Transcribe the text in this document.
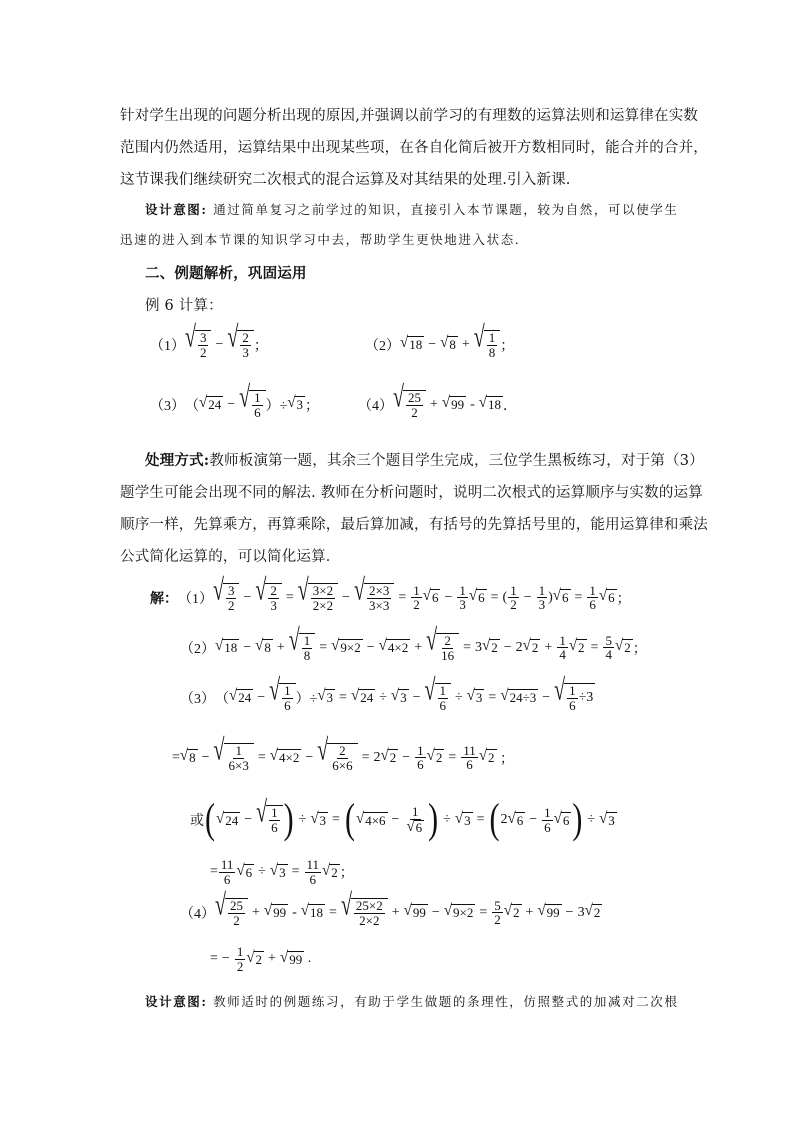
针对学生出现的问题分析出现的原因,并强调以前学习的有理数的运算法则和运算律在实数
范围内仍然适用，运算结果中出现某些项，在各自化简后被开方数相同时，能合并的合并，
这节课我们继续研究二次根式的混合运算及对其结果的处理.引入新课.
设计意图: 通过简单复习之前学过的知识，直接引入本节课题，较为自然，可以使学生
迅速的进入到本节课的知识学习中去，帮助学生更快地进入状态.
二、例题解析，巩固运用
例 6 计算：
（1） √ $\frac{3}{2}$ − √ $\frac{2}{3}$ ；	（2） √ 18 − √ 8 + √ $\frac{1}{8}$ ；
（3） （ √ 24 − √ $\frac{1}{6}$ ）÷ √ 3 ；	（4） √ $\frac{25}{2}$ + √ 99 - √ 18 ．
处理方式:教师板演第一题，其余三个题目学生完成，三位学生黑板练习，对于第（3）
题学生可能会出现不同的解法. 教师在分析问题时，说明二次根式的运算顺序与实数的运算
顺序一样，先算乘方，再算乘除，最后算加减，有括号的先算括号里的，能用运算律和乘法
公式简化运算的，可以简化运算．
解： （1） √ $\frac{3}{2}$ − √ $\frac{2}{3}$ = √ $\frac{3\times 2}{2\times 2}$ − √ $\frac{2\times 3}{3\times 3} = \frac{1}{2}$ √ $6 - \frac{1}{3}$ √ 6 = ( $\frac{1}{2} - \frac{1}{3}$ ) √ $6 = \frac{1}{6}$ √ 6 ；
（2） √ 18 − √ 8 + √ $\frac{1}{8}$ = √ 9×2 − √ 4×2 + √ $\frac{2}{16} = 3$ √ 2 − 2 √ $2 + \frac{1}{4}$ √ $2 = \frac{5}{4}$ √ 2 ；
（3） （ √ 24 − √ $\frac{1}{6}$ ）÷ √ 3 = √ 24 ÷ √ 3 − √ $\frac{1}{6}$ ÷ √ 3 = √ 24÷3 − √ $\frac{1}{6} \div 3$
= √ 8 − √ $\frac{1}{6\times 3}$ = √ 4×2 − √ $\frac{2}{6\times 6} = 2$ √ $2 - \frac{1}{6}$ √ $2 = \frac{11}{6}$ √ 2 ；
或 ( √ 24 − √ $\frac{1}{6}$ ) ÷ √ 3 = ( √ $4\times 6 - \frac{1}{√ 6}$ ) ÷ √ 3 = ( 2 √ $6 - \frac{1}{6}$ √ 6 ) ÷ √ 3
= $\frac{11}{6}$ √ 6 ÷ √ $3 = \frac{11}{6}$ √ 2 ；
（4） √ $\frac{25}{2}$ + √ 99 - √ 18 = √ $\frac{25\times 2}{2\times 2}$ + √ 99 − √ $9\times 2 = \frac{5}{2}$ √ 2 + √ 99 − 3 √ 2
= − $\frac{1}{2}$ √ 2 + √ 99 .
设计意图: 教师适时的例题练习，有助于学生做题的条理性，仿照整式的加减对二次根
